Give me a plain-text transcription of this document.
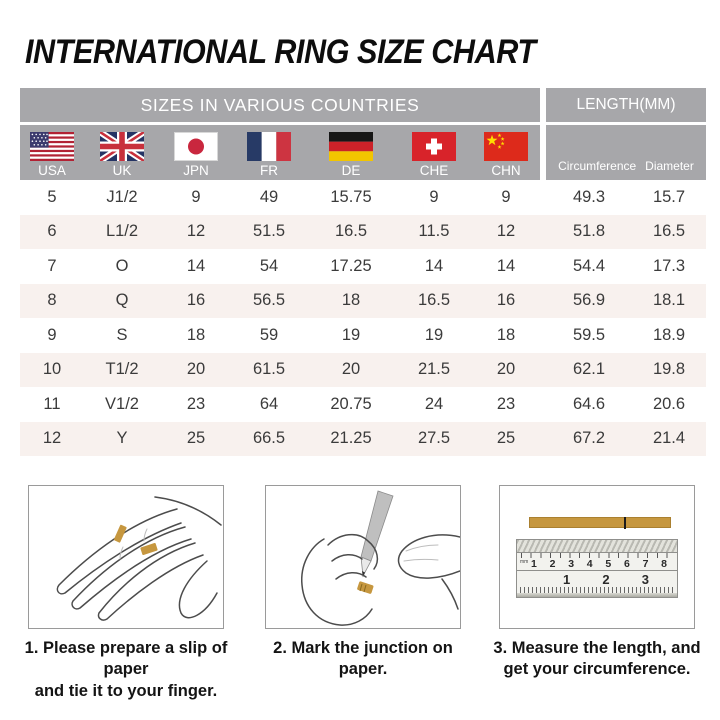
INTERNATIONAL RING SIZE CHART
SIZES IN VARIOUS COUNTRIES	LENGTH(MM)
USA	UK	JPN	FR	DE	CHE	CHN	Circumference Diameter
5	J1/2	9	49	15.75	9	9	49.3	15.7
6	L1/2	12	51.5	16.5	11.5	12	51.8	16.5
7	O	14	54	17.25	14	14	54.4	17.3
8	Q	16	56.5	18	16.5	16	56.9	18.1
9	S	18	59	19	19	18	59.5	18.9
10	T1/2	20	61.5	20	21.5	20	62.1	19.8
11	V1/2	23	64	20.75	24	23	64.6	20.6
12	Y	25	66.5	21.25	27.5	25	67.2	21.4
1. Please prepare a slip of paper
and tie it to your finger.
2. Mark the junction on paper.
mm 1 2 3 4 5 6 7 8
1 2 3
3. Measure the length, and
get your circumference.
